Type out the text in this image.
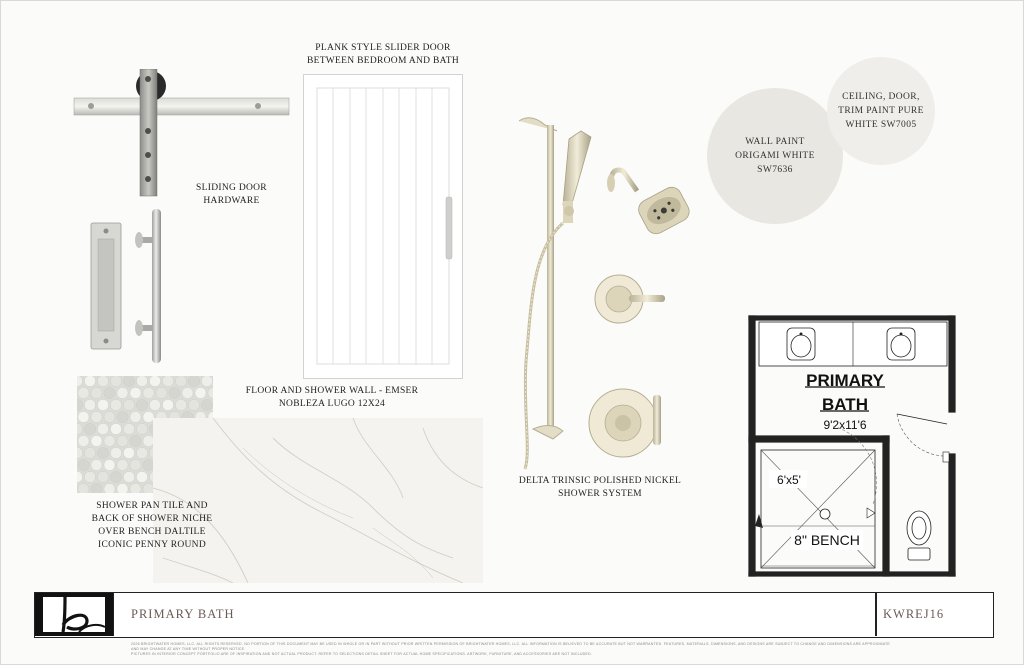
SLIDING DOOR HARDWARE
PLANK STYLE SLIDER DOOR
BETWEEN BEDROOM AND BATH
FLOOR AND SHOWER WALL - EMSER
NOBLEZA LUGO 12X24
SHOWER PAN TILE AND
BACK OF SHOWER NICHE
OVER BENCH DALTILE
ICONIC PENNY ROUND
DELTA TRINSIC POLISHED NICKEL
SHOWER SYSTEM
WALL PAINT
ORIGAMI WHITE
SW7636
CEILING, DOOR,
TRIM PAINT PURE
WHITE SW7005
PRIMARY
BATH
9'2x11'6
6'x5'
8" BENCH
PRIMARY BATH	KWREJ16
2026 BRIGHTWATER HOMES, LLC. ALL RIGHTS RESERVED. NO PORTION OF THIS DOCUMENT MAY BE USED IN WHOLE OR IN PART WITHOUT PRIOR WRITTEN PERMISSION OF BRIGHTWATER HOMES, LLC. ALL INFORMATION IS BELIEVED TO BE ACCURATE BUT NOT WARRANTED. FEATURES, MATERIALS, DIMENSIONS, AND DESIGNS ARE SUBJECT TO CHANGE AND DIMENSIONS ARE APPROXIMATE AND MAY CHANGE AT ANY TIME WITHOUT PROPER NOTICE.
PICTURES IN INTERIOR CONCEPT PORTFOLIO ARE OF INSPIRATION AND NOT ACTUAL PRODUCT. REFER TO SELECTIONS DETAIL SHEET FOR ACTUAL HOME SPECIFICATIONS. ARTWORK, FURNITURE, AND ACCESSORIES ARE NOT INCLUDED.
